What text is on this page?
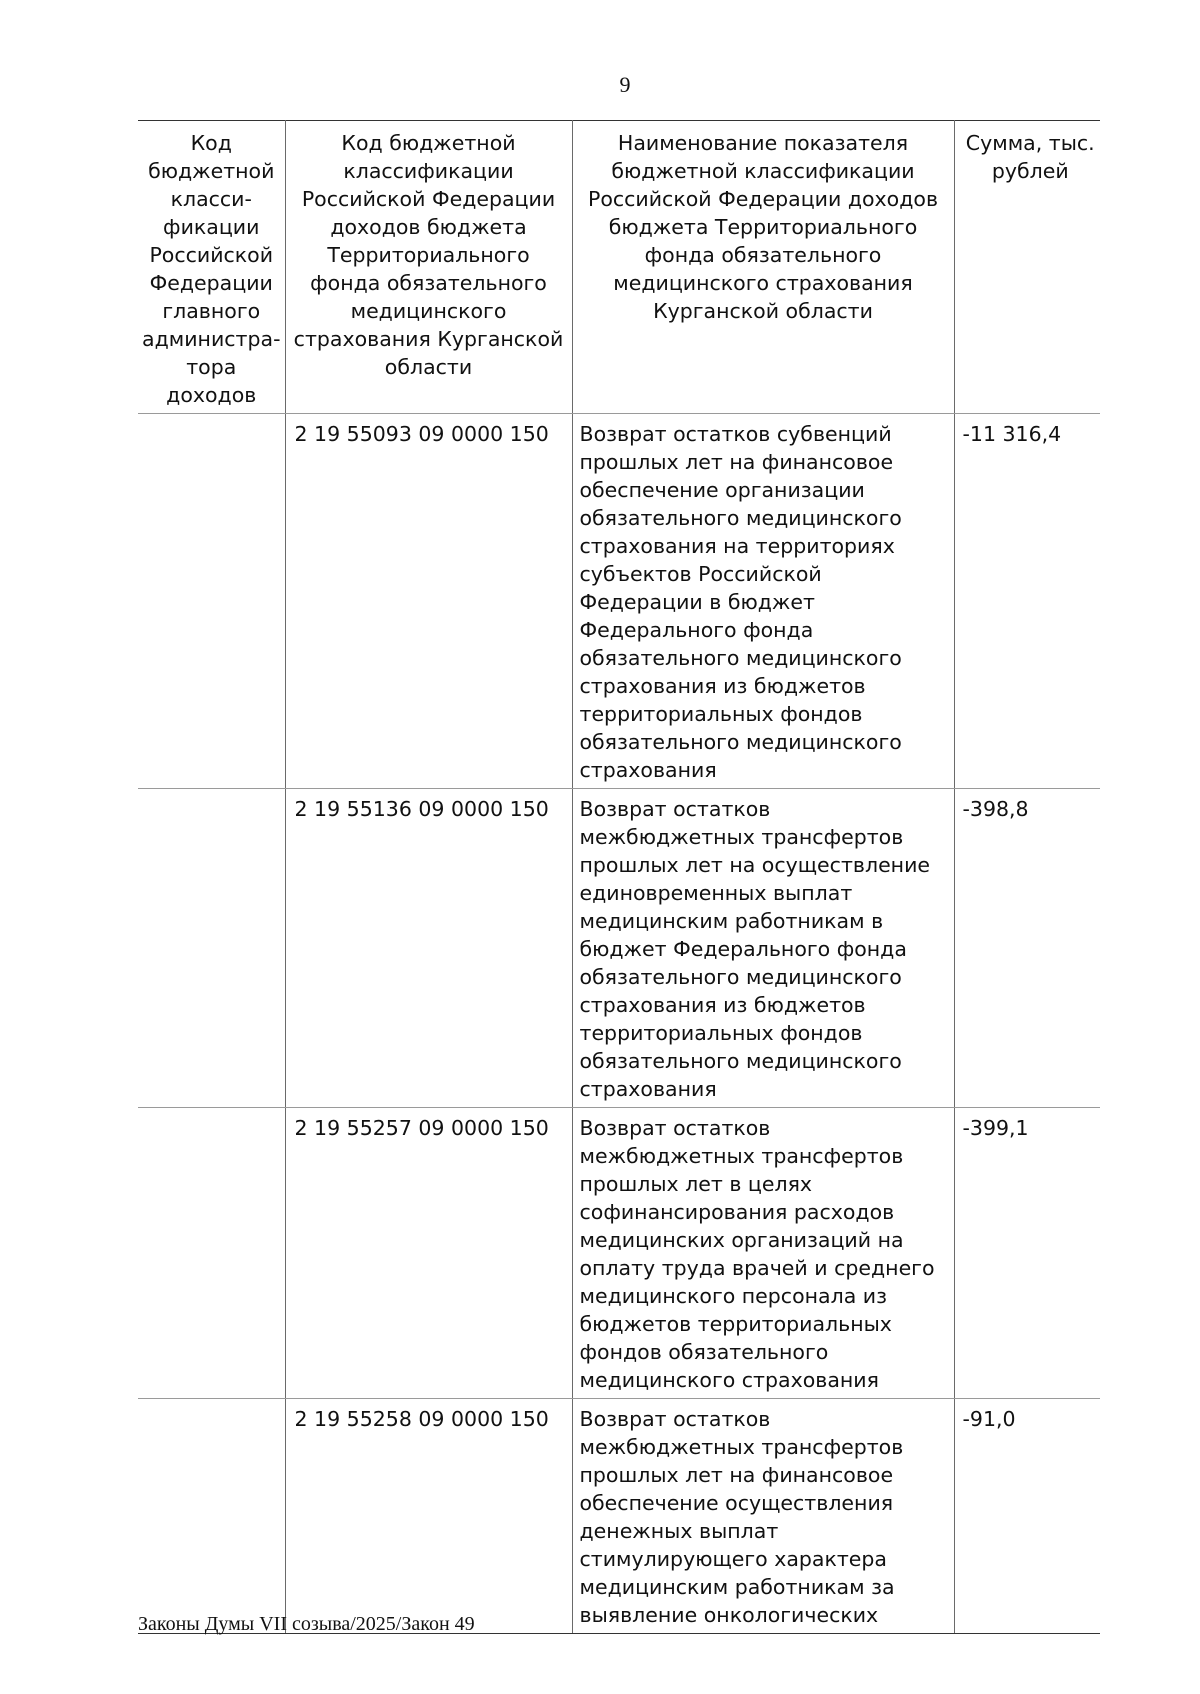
9
Код бюджетной класси- фикации Российской Федерации главного администра- тора доходов	Код бюджетной классификации Российской Федерации доходов бюджета Территориального фонда обязательного медицинского страхования Курганской области	Наименование показателя бюджетной классификации Российской Федерации доходов бюджета Территориального фонда обязательного медицинского страхования Курганской области	Сумма, тыс. рублей
	2 19 55093 09 0000 150	Возврат остатков субвенций прошлых лет на финансовое обеспечение организации обязательного медицинского страхования на территориях субъектов Российской Федерации в бюджет Федерального фонда обязательного медицинского страхования из бюджетов территориальных фондов обязательного медицинского страхования	-11 316,4
	2 19 55136 09 0000 150	Возврат остатков межбюджетных трансфертов прошлых лет на осуществление единовременных выплат медицинским работникам в бюджет Федерального фонда обязательного медицинского страхования из бюджетов территориальных фондов обязательного медицинского страхования	-398,8
	2 19 55257 09 0000 150	Возврат остатков межбюджетных трансфертов прошлых лет в целях софинансирования расходов медицинских организаций на оплату труда врачей и среднего медицинского персонала из бюджетов территориальных фондов обязательного медицинского страхования	-399,1
	2 19 55258 09 0000 150	Возврат остатков межбюджетных трансфертов прошлых лет на финансовое обеспечение осуществления денежных выплат стимулирующего характера медицинским работникам за выявление онкологических	-91,0
Законы Думы VII созыва/2025/Закон 49
